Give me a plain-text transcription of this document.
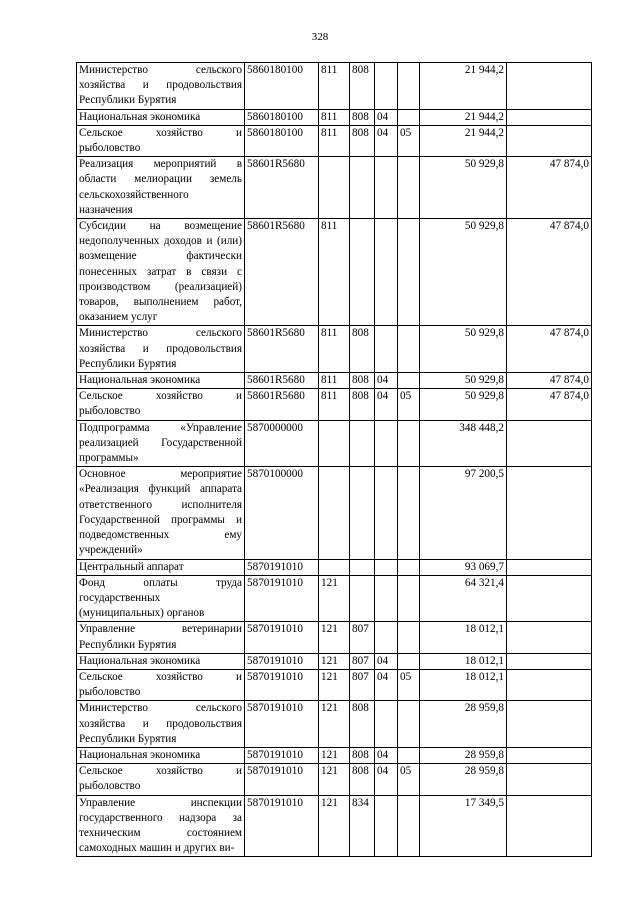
328
Министерство сельского хозяйства и продовольствия Республики Бурятия	5860180100	811	808			21 944,2	
Национальная экономика	5860180100	811	808	04		21 944,2	
Сельское хозяйство и рыболовство	5860180100	811	808	04	05	21 944,2	
Реализация мероприятий в области мелиорации земель сельскохозяйственного назначения	58601R5680					50 929,8	47 874,0
Субсидии на возмещение недополученных доходов и (или) возмещение фактически понесенных затрат в связи с производством (реализацией) товаров, выполнением работ, оказанием услуг	58601R5680	811				50 929,8	47 874,0
Министерство сельского хозяйства и продовольствия Республики Бурятия	58601R5680	811	808			50 929,8	47 874,0
Национальная экономика	58601R5680	811	808	04		50 929,8	47 874,0
Сельское хозяйство и рыболовство	58601R5680	811	808	04	05	50 929,8	47 874,0
Подпрограмма «Управление реализацией Государственной программы»	5870000000					348 448,2	
Основное мероприятие «Реализация функций аппарата ответственного исполнителя Государственной программы и подведомственных ему учреждений»	5870100000					97 200,5	
Центральный аппарат	5870191010					93 069,7	
Фонд оплаты труда государственных (муниципальных) органов	5870191010	121				64 321,4	
Управление ветеринарии Республики Бурятия	5870191010	121	807			18 012,1	
Национальная экономика	5870191010	121	807	04		18 012,1	
Сельское хозяйство и рыболовство	5870191010	121	807	04	05	18 012,1	
Министерство сельского хозяйства и продовольствия Республики Бурятия	5870191010	121	808			28 959,8	
Национальная экономика	5870191010	121	808	04		28 959,8	
Сельское хозяйство и рыболовство	5870191010	121	808	04	05	28 959,8	
Управление инспекции государственного надзора за техническим состоянием самоходных машин и других ви-	5870191010	121	834			17 349,5	
